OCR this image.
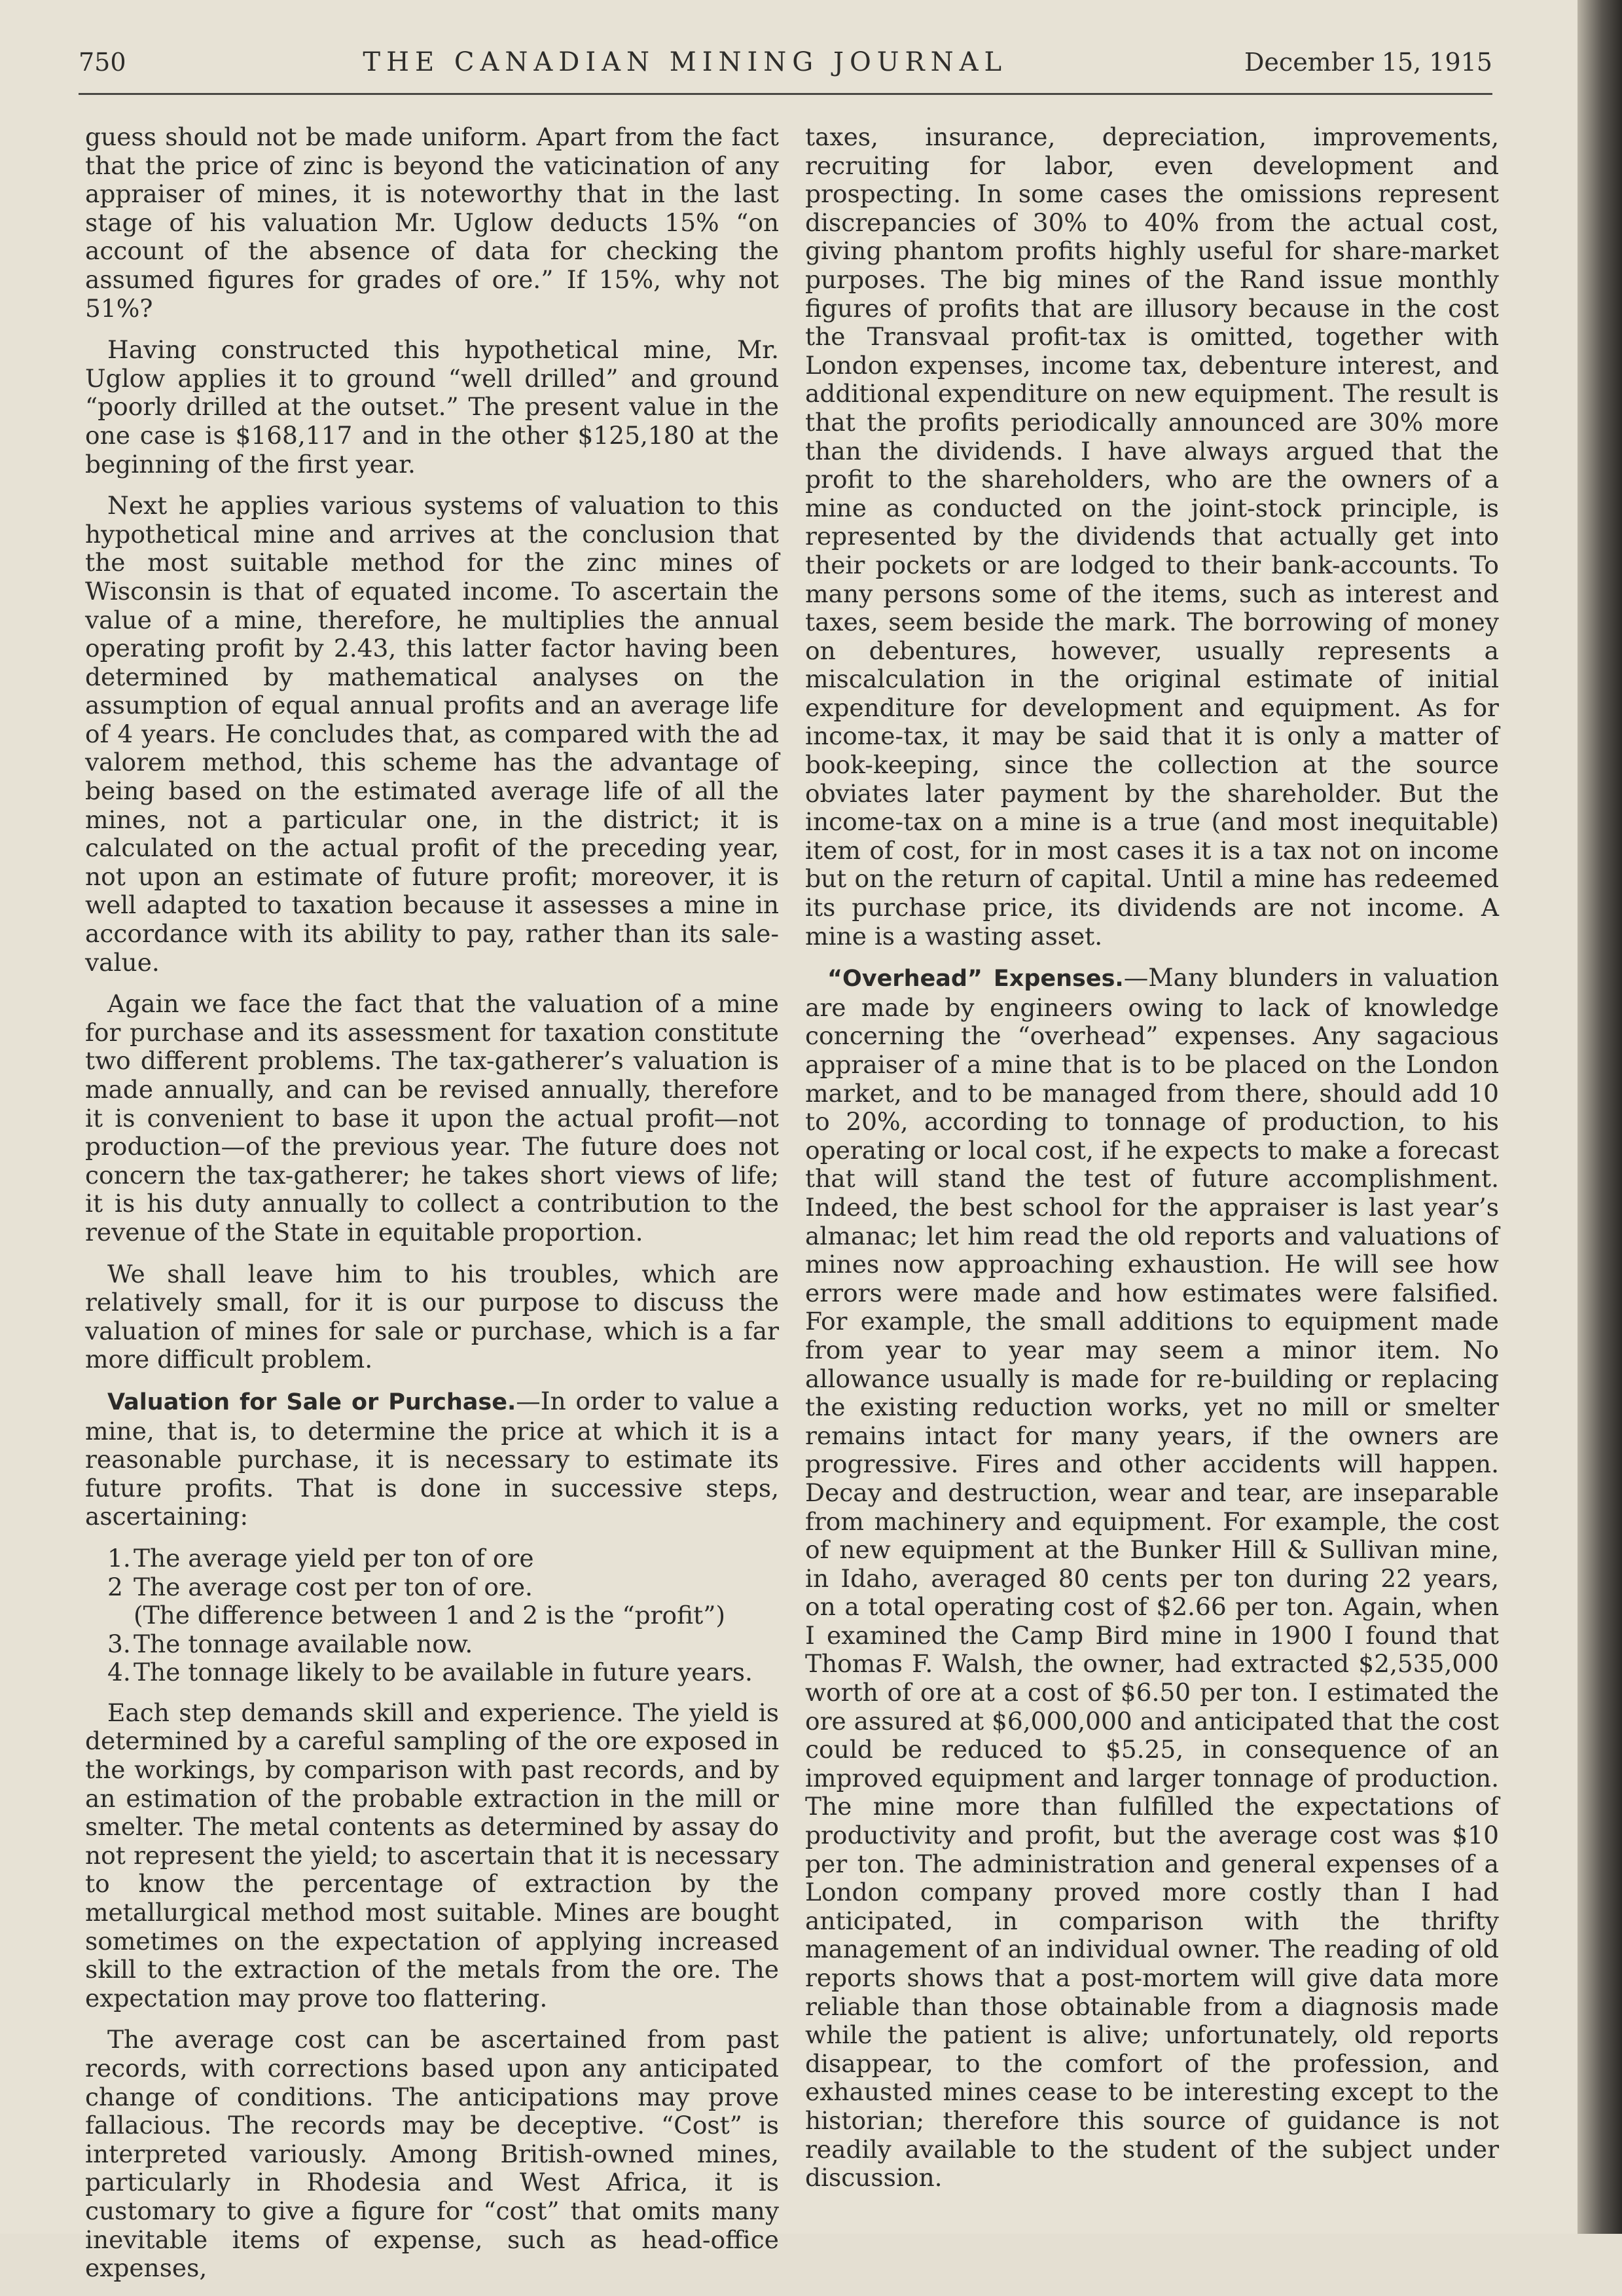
750	THE CANADIAN MINING JOURNAL	December 15, 1915

guess should not be made uniform. Apart from the fact that the price of zinc is beyond the vaticination of any appraiser of mines, it is noteworthy that in the last stage of his valuation Mr. Uglow deducts 15% “on account of the absence of data for checking the assumed figures for grades of ore.” If 15%, why not 51%?

Having constructed this hypothetical mine, Mr. Uglow applies it to ground “well drilled” and ground “poorly drilled at the outset.” The present value in the one case is $168,117 and in the other $125,180 at the beginning of the first year.

Next he applies various systems of valuation to this hypothetical mine and arrives at the conclusion that the most suitable method for the zinc mines of Wisconsin is that of equated income. To ascertain the value of a mine, therefore, he multiplies the annual operating profit by 2.43, this latter factor having been determined by mathematical analyses on the assumption of equal annual profits and an average life of 4 years. He concludes that, as compared with the ad valorem method, this scheme has the advantage of being based on the estimated average life of all the mines, not a particular one, in the district; it is calculated on the actual profit of the preceding year, not upon an estimate of future profit; moreover, it is well adapted to taxation because it assesses a mine in accordance with its ability to pay, rather than its sale-value.

Again we face the fact that the valuation of a mine for purchase and its assessment for taxation constitute two different problems. The tax-gatherer’s valuation is made annually, and can be revised annually, therefore it is convenient to base it upon the actual profit—not production—of the previous year. The future does not concern the tax-gatherer; he takes short views of life; it is his duty annually to collect a contribution to the revenue of the State in equitable proportion.

We shall leave him to his troubles, which are relatively small, for it is our purpose to discuss the valuation of mines for sale or purchase, which is a far more difficult problem.

Valuation for Sale or Purchase.—In order to value a mine, that is, to determine the price at which it is a reasonable purchase, it is necessary to estimate its future profits. That is done in successive steps, ascertaining:

1. The average yield per ton of ore
2 The average cost per ton of ore.
(The difference between 1 and 2 is the “profit”)
3. The tonnage available now.
4. The tonnage likely to be available in future years.

Each step demands skill and experience. The yield is determined by a careful sampling of the ore exposed in the workings, by comparison with past records, and by an estimation of the probable extraction in the mill or smelter. The metal contents as determined by assay do not represent the yield; to ascertain that it is necessary to know the percentage of extraction by the metallurgical method most suitable. Mines are bought sometimes on the expectation of applying increased skill to the extraction of the metals from the ore. The expectation may prove too flattering.

The average cost can be ascertained from past records, with corrections based upon any anticipated change of conditions. The anticipations may prove fallacious. The records may be deceptive. “Cost” is interpreted variously. Among British-owned mines, particularly in Rhodesia and West Africa, it is customary to give a figure for “cost” that omits many inevitable items of expense, such as head-office expenses,

taxes, insurance, depreciation, improvements, recruiting for labor, even development and prospecting. In some cases the omissions represent discrepancies of 30% to 40% from the actual cost, giving phantom profits highly useful for share-market purposes. The big mines of the Rand issue monthly figures of profits that are illusory because in the cost the Transvaal profit-tax is omitted, together with London expenses, income tax, debenture interest, and additional expenditure on new equipment. The result is that the profits periodically announced are 30% more than the dividends. I have always argued that the profit to the shareholders, who are the owners of a mine as conducted on the joint-stock principle, is represented by the dividends that actually get into their pockets or are lodged to their bank-accounts. To many persons some of the items, such as interest and taxes, seem beside the mark. The borrowing of money on debentures, however, usually represents a miscalculation in the original estimate of initial expenditure for development and equipment. As for income-tax, it may be said that it is only a matter of book-keeping, since the collection at the source obviates later payment by the shareholder. But the income-tax on a mine is a true (and most inequitable) item of cost, for in most cases it is a tax not on income but on the return of capital. Until a mine has redeemed its purchase price, its dividends are not income. A mine is a wasting asset.

“Overhead” Expenses.—Many blunders in valuation are made by engineers owing to lack of knowledge concerning the “overhead” expenses. Any sagacious appraiser of a mine that is to be placed on the London market, and to be managed from there, should add 10 to 20%, according to tonnage of production, to his operating or local cost, if he expects to make a forecast that will stand the test of future accomplishment. Indeed, the best school for the appraiser is last year’s almanac; let him read the old reports and valuations of mines now approaching exhaustion. He will see how errors were made and how estimates were falsified. For example, the small additions to equipment made from year to year may seem a minor item. No allowance usually is made for re-building or replacing the existing reduction works, yet no mill or smelter remains intact for many years, if the owners are progressive. Fires and other accidents will happen. Decay and destruction, wear and tear, are inseparable from machinery and equipment. For example, the cost of new equipment at the Bunker Hill & Sullivan mine, in Idaho, averaged 80 cents per ton during 22 years, on a total operating cost of $2.66 per ton. Again, when I examined the Camp Bird mine in 1900 I found that Thomas F. Walsh, the owner, had extracted $2,535,000 worth of ore at a cost of $6.50 per ton. I estimated the ore assured at $6,000,000 and anticipated that the cost could be reduced to $5.25, in consequence of an improved equipment and larger tonnage of production. The mine more than fulfilled the expectations of productivity and profit, but the average cost was $10 per ton. The administration and general expenses of a London company proved more costly than I had anticipated, in comparison with the thrifty management of an individual owner. The reading of old reports shows that a post-mortem will give data more reliable than those obtainable from a diagnosis made while the patient is alive; unfortunately, old reports disappear, to the comfort of the profession, and exhausted mines cease to be interesting except to the historian; therefore this source of guidance is not readily available to the student of the subject under discussion.
